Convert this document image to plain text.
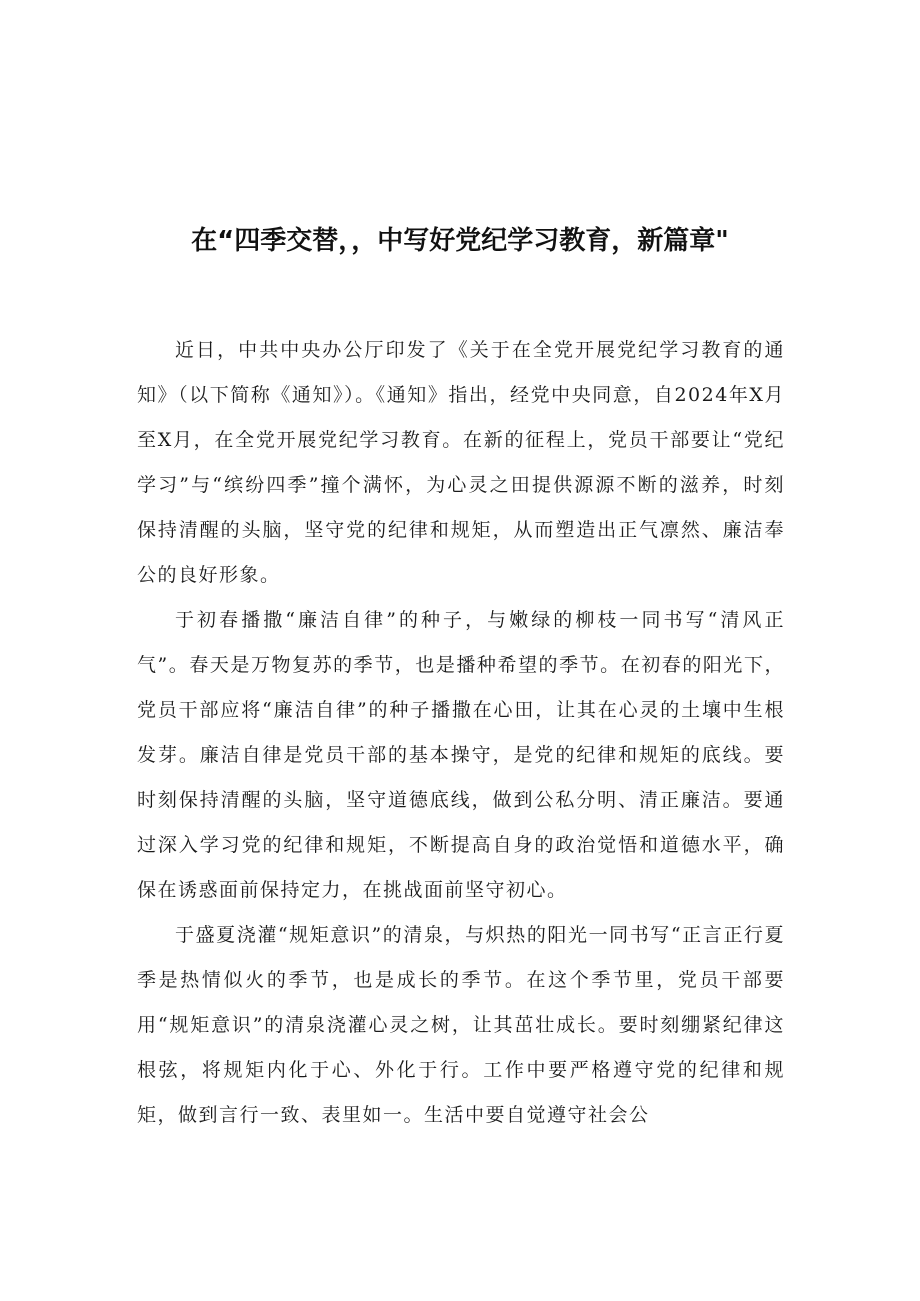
在“四季交替，，中写好党纪学习教育，新篇章"

近日，中共中央办公厅印发了《关于在全党开展党纪学习教育的通知》（以下简称《通知》）。《通知》指出，经党中央同意，自2024年X月至X月，在全党开展党纪学习教育。在新的征程上，党员干部要让“党纪学习”与“缤纷四季”撞个满怀，为心灵之田提供源源不断的滋养，时刻保持清醒的头脑，坚守党的纪律和规矩，从而塑造出正气凛然、廉洁奉公的良好形象。

于初春播撒“廉洁自律”的种子，与嫩绿的柳枝一同书写“清风正气”。春天是万物复苏的季节，也是播种希望的季节。在初春的阳光下，党员干部应将“廉洁自律”的种子播撒在心田，让其在心灵的土壤中生根发芽。廉洁自律是党员干部的基本操守，是党的纪律和规矩的底线。要时刻保持清醒的头脑，坚守道德底线，做到公私分明、清正廉洁。要通过深入学习党的纪律和规矩，不断提高自身的政治觉悟和道德水平，确保在诱惑面前保持定力，在挑战面前坚守初心。

于盛夏浇灌“规矩意识”的清泉，与炽热的阳光一同书写“正言正行夏季是热情似火的季节，也是成长的季节。在这个季节里，党员干部要用“规矩意识”的清泉浇灌心灵之树，让其茁壮成长。要时刻绷紧纪律这根弦，将规矩内化于心、外化于行。工作中要严格遵守党的纪律和规矩，做到言行一致、表里如一。生活中要自觉遵守社会公
